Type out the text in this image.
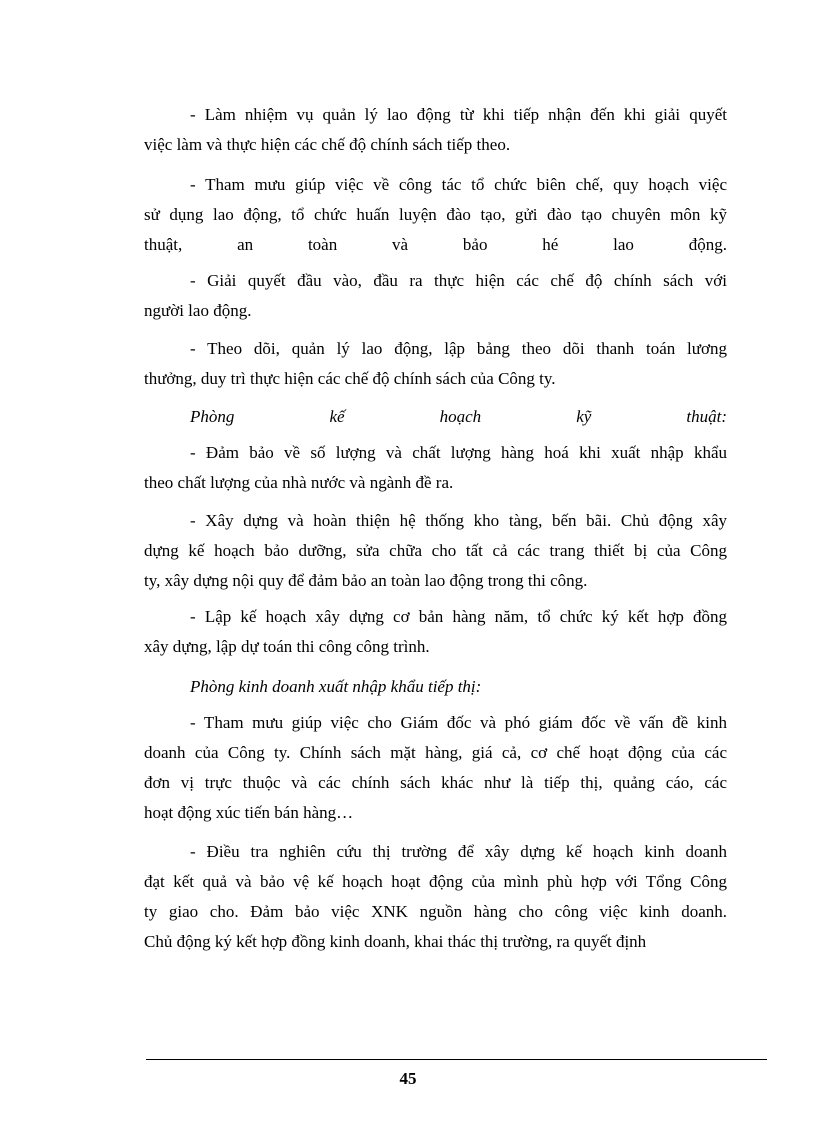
- Làm nhiệm vụ quản lý lao động từ khi tiếp nhận đến khi giải quyết
việc làm và thực hiện các chế độ chính sách tiếp theo.
- Tham mưu giúp việc về công tác tổ chức biên chế, quy hoạch việc
sử dụng lao động, tổ chức huấn luyện đào tạo, gửi đào tạo chuyên môn kỹ
thuật, an toàn và bảo hé lao động.
- Giải quyết đầu vào, đầu ra thực hiện các chế độ chính sách với
người lao động.
- Theo dõi, quản lý lao động, lập bảng theo dõi thanh toán lương
thưởng, duy trì thực hiện các chế độ chính sách của Công ty.
Phòng kế hoạch kỹ thuật:
- Đảm bảo về số lượng và chất lượng hàng hoá khi xuất nhập khẩu
theo chất lượng của nhà nước và ngành đề ra.
- Xây dựng và hoàn thiện hệ thống kho tàng, bến bãi. Chủ động xây
dựng kế hoạch bảo dưỡng, sửa chữa cho tất cả các trang thiết bị của Công
ty, xây dựng nội quy để đảm bảo an toàn lao động trong thi công.
- Lập kế hoạch xây dựng cơ bản hàng năm, tổ chức ký kết hợp đồng
xây dựng, lập dự toán thi công công trình.
Phòng kinh doanh xuất nhập khẩu tiếp thị:
- Tham mưu giúp việc cho Giám đốc và phó giám đốc về vấn đề kinh
doanh của Công ty. Chính sách mặt hàng, giá cả, cơ chế hoạt động của các
đơn vị trực thuộc và các chính sách khác như là tiếp thị, quảng cáo, các
hoạt động xúc tiến bán hàng…
- Điều tra nghiên cứu thị trường để xây dựng kế hoạch kinh doanh
đạt kết quả và bảo vệ kế hoạch hoạt động của mình phù hợp với Tổng Công
ty giao cho. Đảm bảo việc XNK nguồn hàng cho công việc kinh doanh.
Chủ động ký kết hợp đồng kinh doanh, khai thác thị trường, ra quyết định
45
